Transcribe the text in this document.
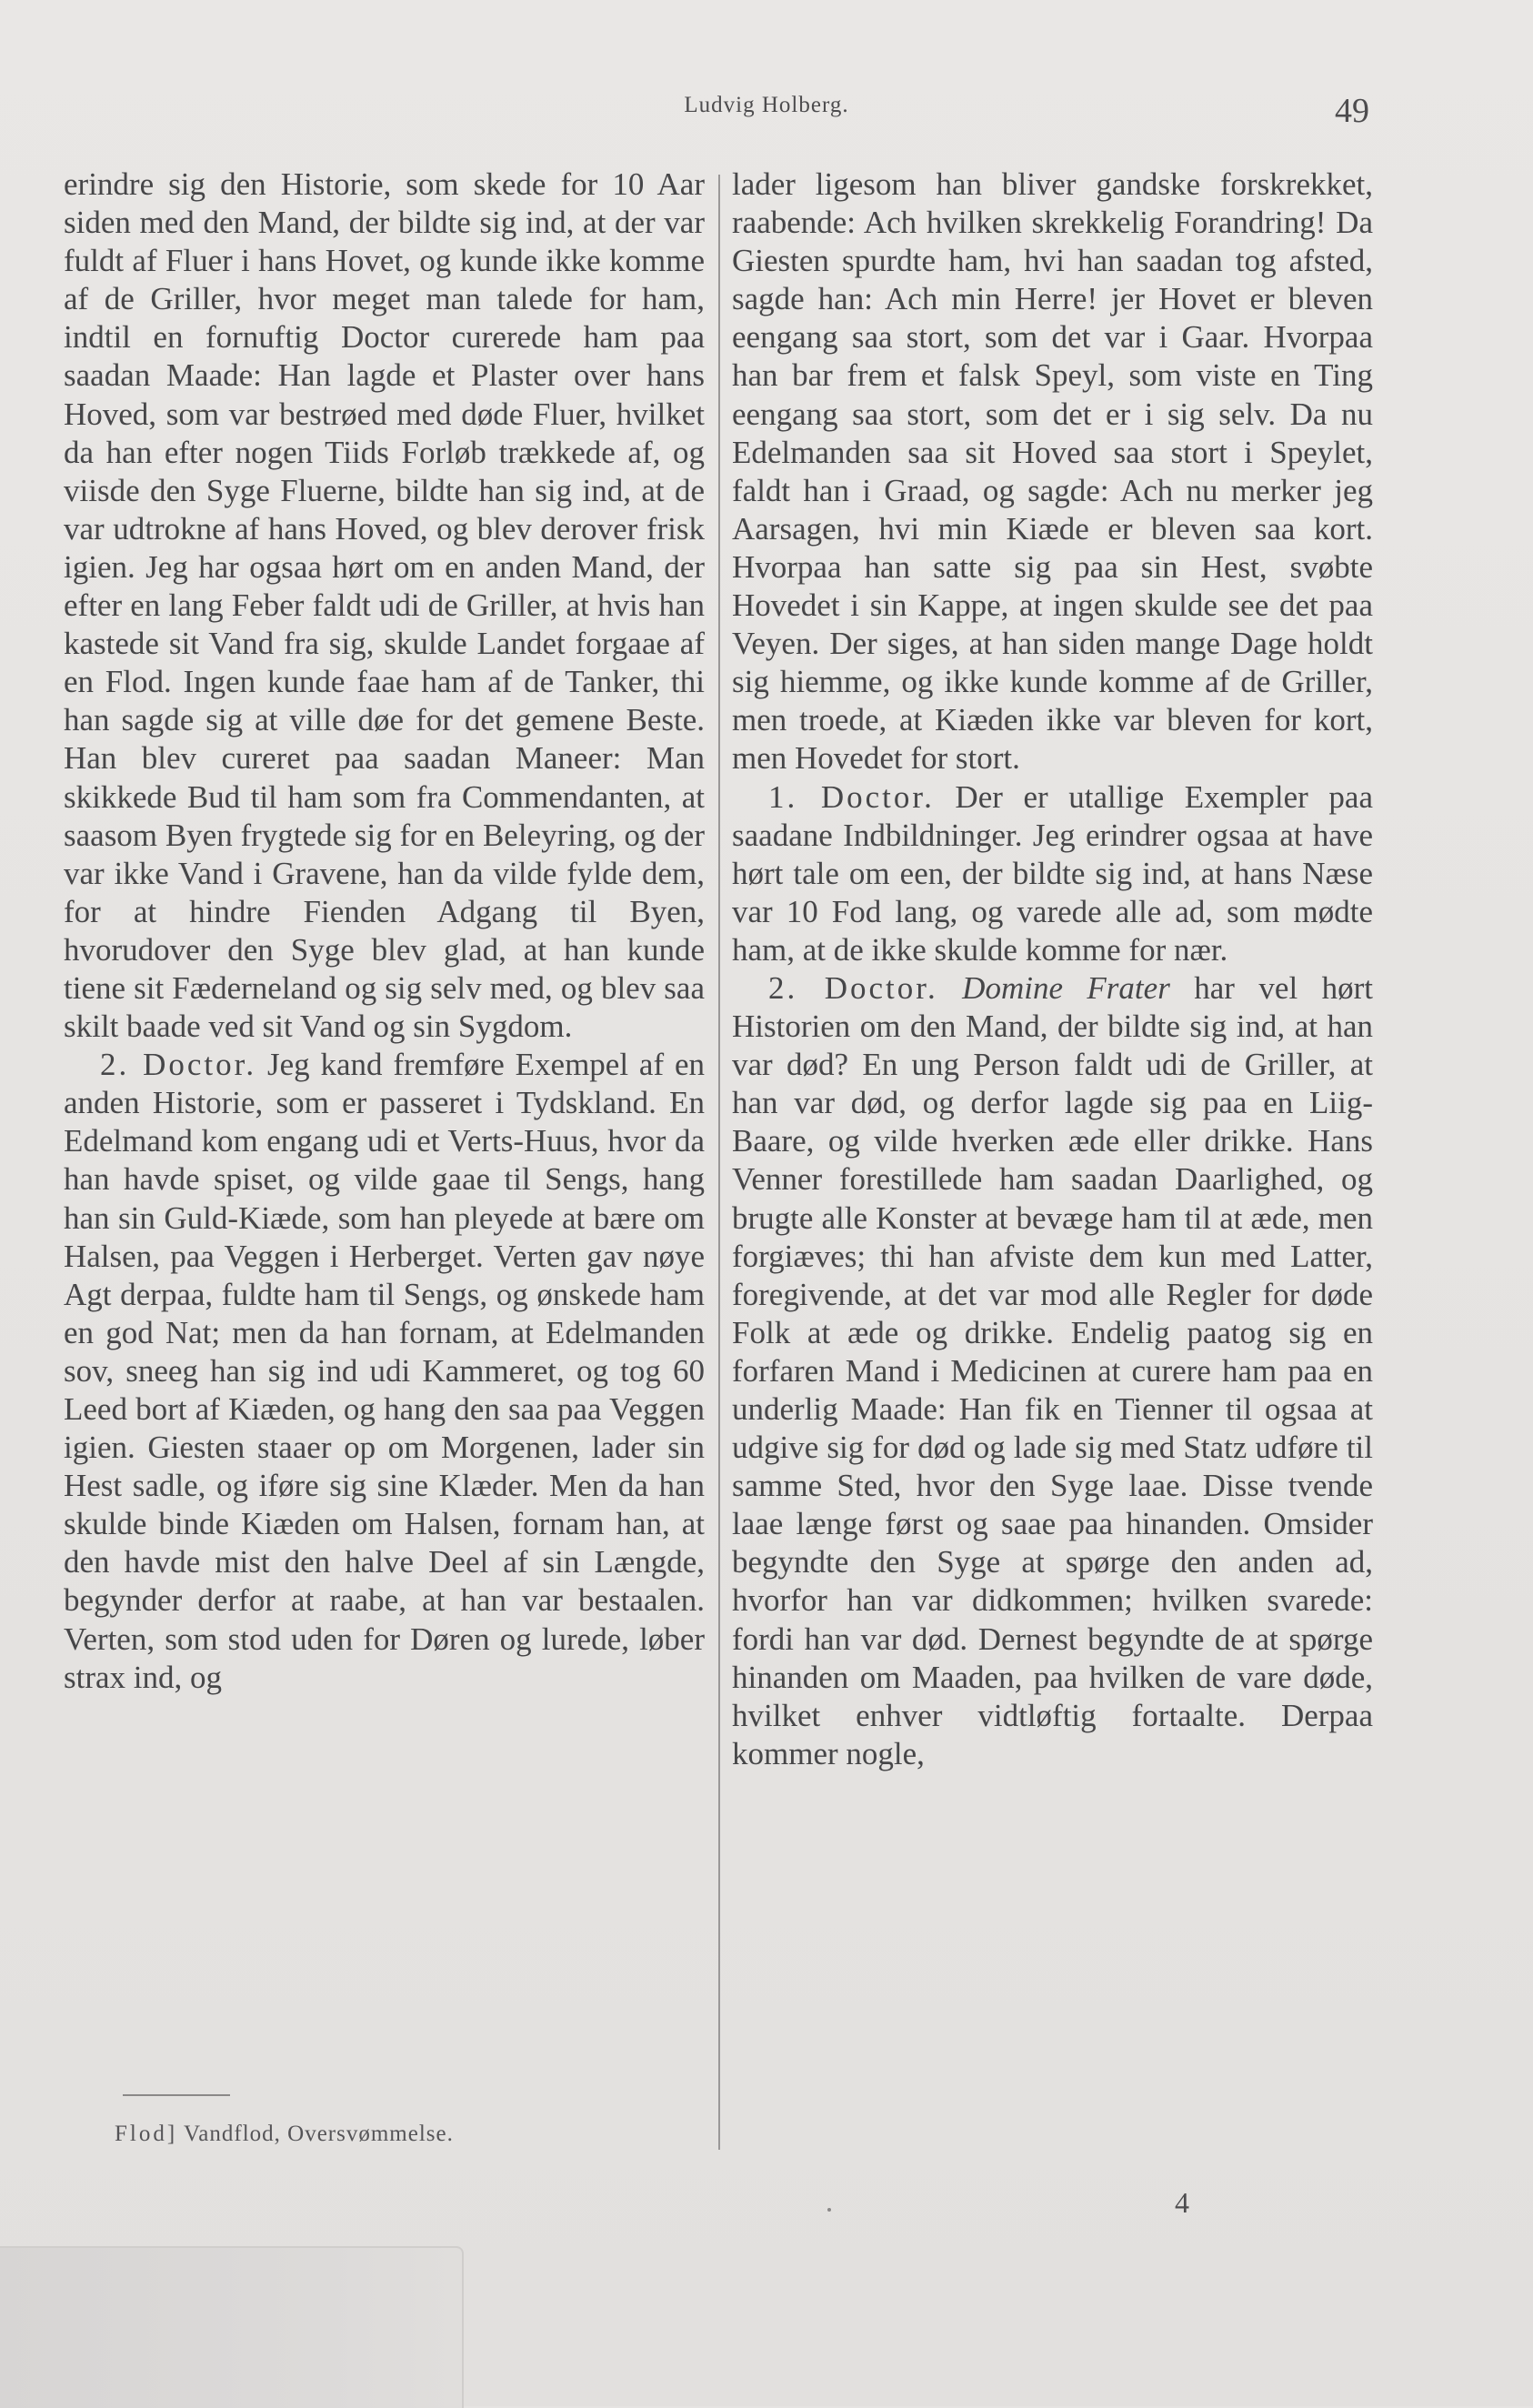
Ludvig Holberg.	49

erindre sig den Historie, som skede for 10 Aar siden med den Mand, der bildte sig ind, at der var fuldt af Fluer i hans Hovet, og kunde ikke komme af de Griller, hvor meget man talede for ham, indtil en fornuftig Doctor curerede ham paa saadan Maade: Han lagde et Plaster over hans Hoved, som var bestrøed med døde Fluer, hvilket da han efter nogen Tiids Forløb trækkede af, og viisde den Syge Fluerne, bildte han sig ind, at de var udtrokne af hans Hoved, og blev derover frisk igien. Jeg har ogsaa hørt om en anden Mand, der efter en lang Feber faldt udi de Griller, at hvis han kastede sit Vand fra sig, skulde Landet forgaae af en Flod. Ingen kunde faae ham af de Tanker, thi han sagde sig at ville døe for det gemene Beste. Han blev cureret paa saadan Maneer: Man skikkede Bud til ham som fra Commendanten, at saasom Byen frygtede sig for en Beleyring, og der var ikke Vand i Gravene, han da vilde fylde dem, for at hindre Fienden Adgang til Byen, hvorudover den Syge blev glad, at han kunde tiene sit Fæderneland og sig selv med, og blev saa skilt baade ved sit Vand og sin Sygdom.

2. Doctor. Jeg kand fremføre Exempel af en anden Historie, som er passeret i Tydskland. En Edelmand kom engang udi et Verts-Huus, hvor da han havde spiset, og vilde gaae til Sengs, hang han sin Guld-Kiæde, som han pleyede at bære om Halsen, paa Veggen i Herberget. Verten gav nøye Agt derpaa, fuldte ham til Sengs, og ønskede ham en god Nat; men da han fornam, at Edelmanden sov, sneeg han sig ind udi Kammeret, og tog 60 Leed bort af Kiæden, og hang den saa paa Veggen igien. Giesten staaer op om Morgenen, lader sin Hest sadle, og iføre sig sine Klæder. Men da han skulde binde Kiæden om Halsen, fornam han, at den havde mist den halve Deel af sin Længde, begynder derfor at raabe, at han var bestaalen. Verten, som stod uden for Døren og lurede, løber strax ind, og

lader ligesom han bliver gandske forskrekket, raabende: Ach hvilken skrekkelig Forandring! Da Giesten spurdte ham, hvi han saadan tog afsted, sagde han: Ach min Herre! jer Hovet er bleven eengang saa stort, som det var i Gaar. Hvorpaa han bar frem et falsk Speyl, som viste en Ting eengang saa stort, som det er i sig selv. Da nu Edelmanden saa sit Hoved saa stort i Speylet, faldt han i Graad, og sagde: Ach nu merker jeg Aarsagen, hvi min Kiæde er bleven saa kort. Hvorpaa han satte sig paa sin Hest, svøbte Hovedet i sin Kappe, at ingen skulde see det paa Veyen. Der siges, at han siden mange Dage holdt sig hiemme, og ikke kunde komme af de Griller, men troede, at Kiæden ikke var bleven for kort, men Hovedet for stort.

1. Doctor. Der er utallige Exempler paa saadane Indbildninger. Jeg erindrer ogsaa at have hørt tale om een, der bildte sig ind, at hans Næse var 10 Fod lang, og varede alle ad, som mødte ham, at de ikke skulde komme for nær.

2. Doctor. Domine Frater har vel hørt Historien om den Mand, der bildte sig ind, at han var død? En ung Person faldt udi de Griller, at han var død, og derfor lagde sig paa en Liig-Baare, og vilde hverken æde eller drikke. Hans Venner forestillede ham saadan Daarlighed, og brugte alle Konster at bevæge ham til at æde, men forgiæves; thi han afviste dem kun med Latter, foregivende, at det var mod alle Regler for døde Folk at æde og drikke. Endelig paatog sig en forfaren Mand i Medicinen at curere ham paa en underlig Maade: Han fik en Tienner til ogsaa at udgive sig for død og lade sig med Statz udføre til samme Sted, hvor den Syge laae. Disse tvende laae længe først og saae paa hinanden. Omsider begyndte den Syge at spørge den anden ad, hvorfor han var didkommen; hvilken svarede: fordi han var død. Dernest begyndte de at spørge hinanden om Maaden, paa hvilken de vare døde, hvilket enhver vidtløftig fortaalte. Derpaa kommer nogle,

Flod] Vandflod, Oversvømmelse.
4
